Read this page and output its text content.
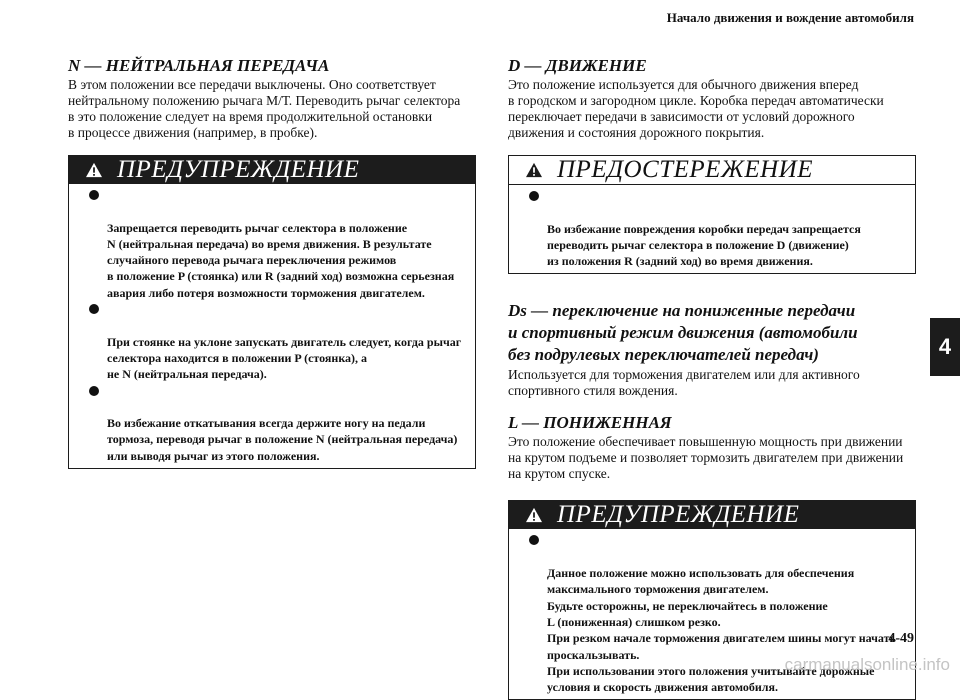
Начало движения и вождение автомобиля
4
N — НЕЙТРАЛЬНАЯ ПЕРЕДАЧА

В этом положении все передачи выключены. Оно соответствует
нейтральному положению рычага М/Т. Переводить рычаг селектора
в это положение следует на время продолжительной остановки
в процессе движения (например, в пробке).

ПРЕДУПРЕЖДЕНИЕ

Запрещается переводить рычаг селектора в положение
N (нейтральная передача) во время движения. В результате
случайного перевода рычага переключения режимов
в положение P (стоянка) или R (задний ход) возможна серьезная
авария либо потеря возможности торможения двигателем.

При стоянке на уклоне запускать двигатель следует, когда рычаг
селектора находится в положении P (стоянка), а
не N (нейтральная передача).

Во избежание откатывания всегда держите ногу на педали
тормоза, переводя рычаг в положение N (нейтральная передача)
или выводя рычаг из этого положения.

D — ДВИЖЕНИЕ

Это положение используется для обычного движения вперед
в городском и загородном цикле. Коробка передач автоматически
переключает передачи в зависимости от условий дорожного
движения и состояния дорожного покрытия.

ПРЕДОСТЕРЕЖЕНИЕ

Во избежание повреждения коробки передач запрещается
переводить рычаг селектора в положение D (движение)
из положения R (задний ход) во время движения.

Ds — переключение на пониженные передачи
и спортивный режим движения (автомобили
без подрулевых переключателей передач)

Используется для торможения двигателем или для активного
спортивного стиля вождения.

L — ПОНИЖЕННАЯ

Это положение обеспечивает повышенную мощность при движении
на крутом подъеме и позволяет тормозить двигателем при движении
на крутом спуске.

ПРЕДУПРЕЖДЕНИЕ

Данное положение можно использовать для обеспечения
максимального торможения двигателем.
Будьте осторожны, не переключайтесь в положение
L (пониженная) слишком резко.
При резком начале торможения двигателем шины могут начать
проскальзывать.
При использовании этого положения учитывайте дорожные
условия и скорость движения автомобиля.

4-49
carmanualsonline.info
